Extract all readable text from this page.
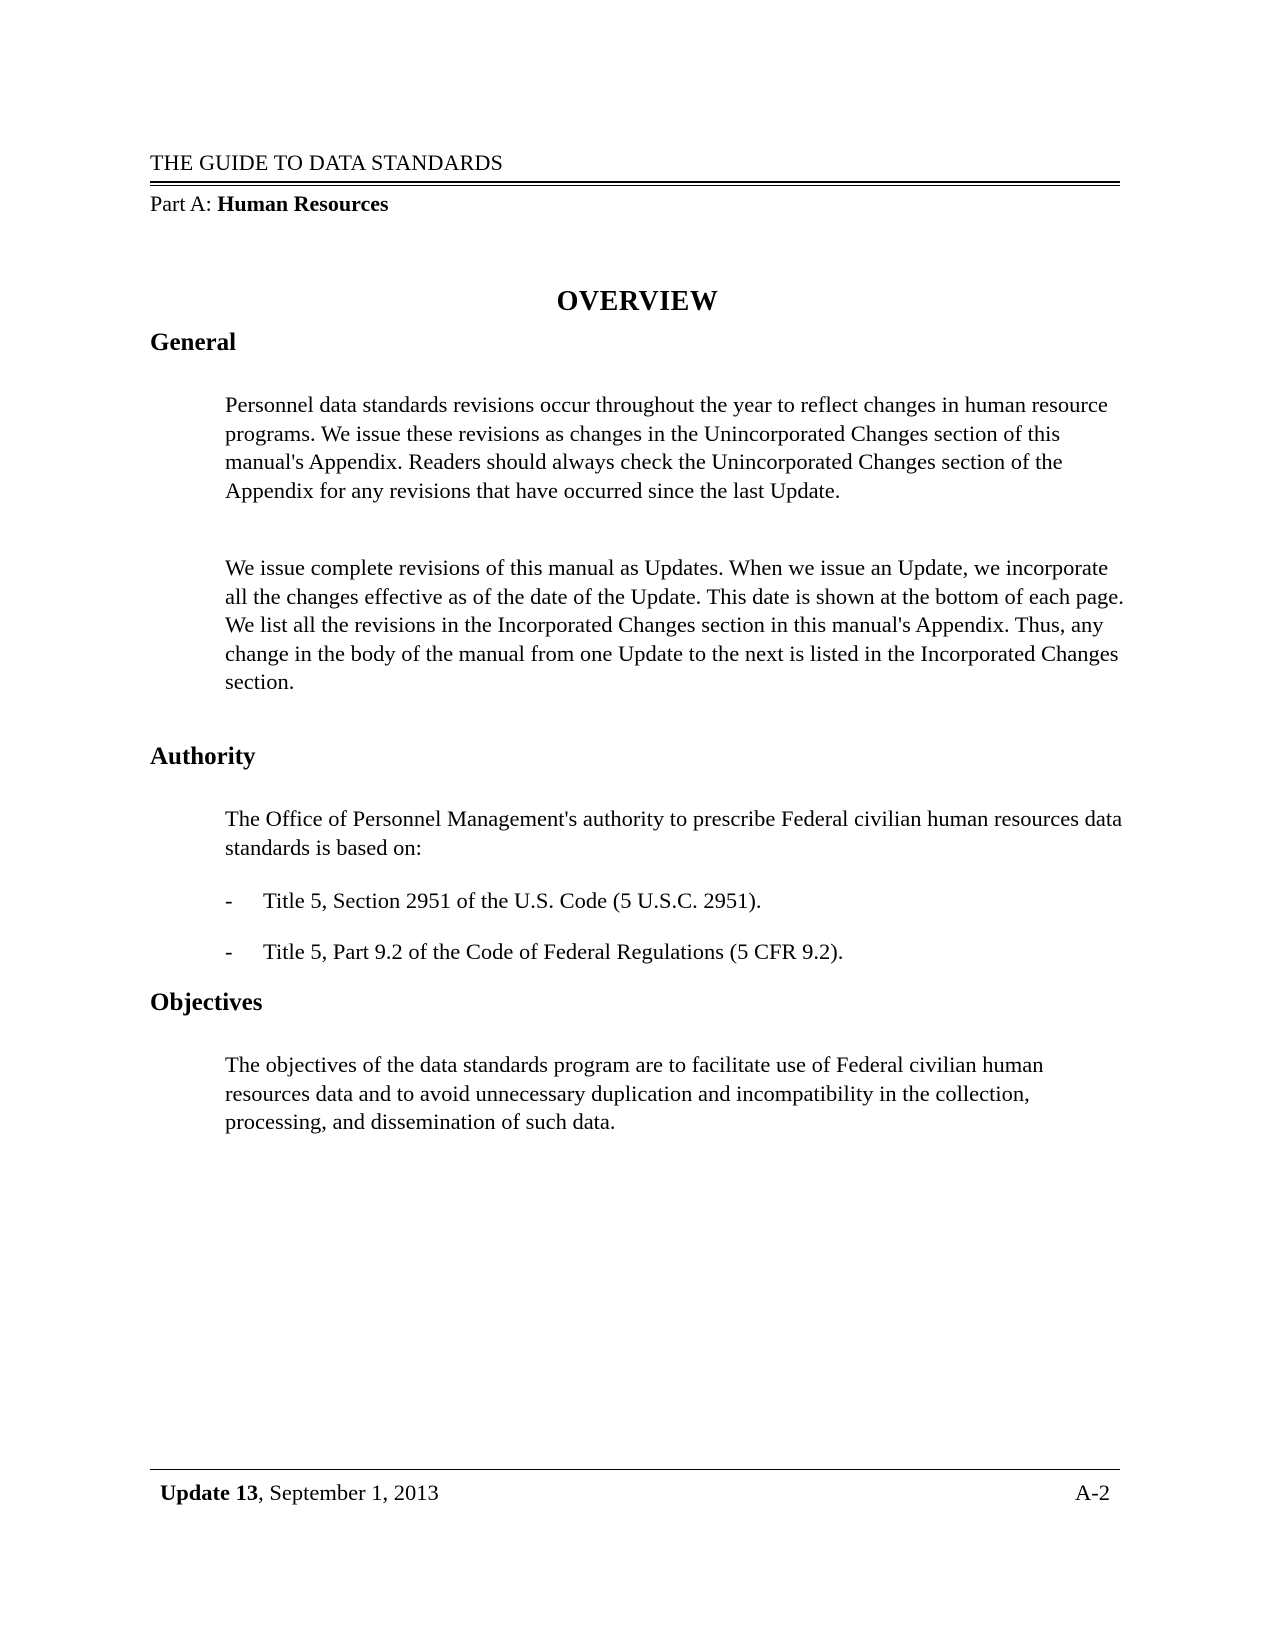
THE GUIDE TO DATA STANDARDS
Part A: Human Resources
OVERVIEW
General

Personnel data standards revisions occur throughout the year to reflect changes in human resource programs. We issue these revisions as changes in the Unincorporated Changes section of this manual's Appendix. Readers should always check the Unincorporated Changes section of the Appendix for any revisions that have occurred since the last Update.

We issue complete revisions of this manual as Updates. When we issue an Update, we incorporate all the changes effective as of the date of the Update. This date is shown at the bottom of each page. We list all the revisions in the Incorporated Changes section in this manual's Appendix. Thus, any change in the body of the manual from one Update to the next is listed in the Incorporated Changes section.

Authority

The Office of Personnel Management's authority to prescribe Federal civilian human resources data standards is based on:

- Title 5, Section 2951 of the U.S. Code (5 U.S.C. 2951).
- Title 5, Part 9.2 of the Code of Federal Regulations (5 CFR 9.2).
Objectives

The objectives of the data standards program are to facilitate use of Federal civilian human resources data and to avoid unnecessary duplication and incompatibility in the collection, processing, and dissemination of such data.

Update 13, September 1, 2013	A-2
